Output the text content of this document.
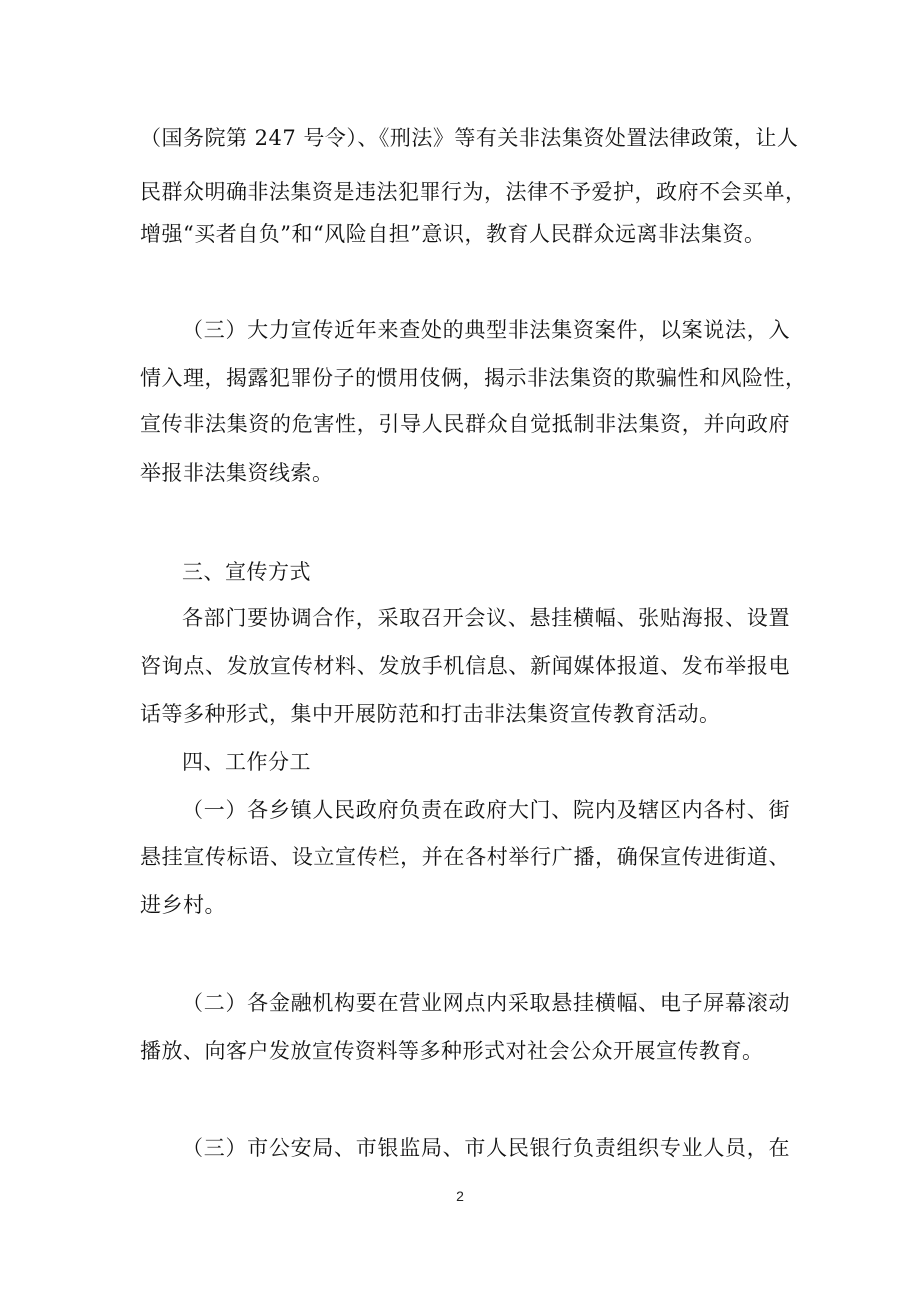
（国务院第 247 号令）、《刑法》等有关非法集资处置法律政策，让人
民群众明确非法集资是违法犯罪行为，法律不予爱护，政府不会买单，
增强“买者自负”和“风险自担”意识，教育人民群众远离非法集资。
（三）大力宣传近年来查处的典型非法集资案件，以案说法，入
情入理，揭露犯罪份子的惯用伎俩，揭示非法集资的欺骗性和风险性，
宣传非法集资的危害性，引导人民群众自觉抵制非法集资，并向政府
举报非法集资线索。
三、宣传方式
各部门要协调合作，采取召开会议、悬挂横幅、张贴海报、设置
咨询点、发放宣传材料、发放手机信息、新闻媒体报道、发布举报电
话等多种形式，集中开展防范和打击非法集资宣传教育活动。
四、工作分工
（一）各乡镇人民政府负责在政府大门、院内及辖区内各村、街
悬挂宣传标语、设立宣传栏，并在各村举行广播，确保宣传进街道、
进乡村。
（二）各金融机构要在营业网点内采取悬挂横幅、电子屏幕滚动
播放、向客户发放宣传资料等多种形式对社会公众开展宣传教育。
（三）市公安局、市银监局、市人民银行负责组织专业人员，在
2
